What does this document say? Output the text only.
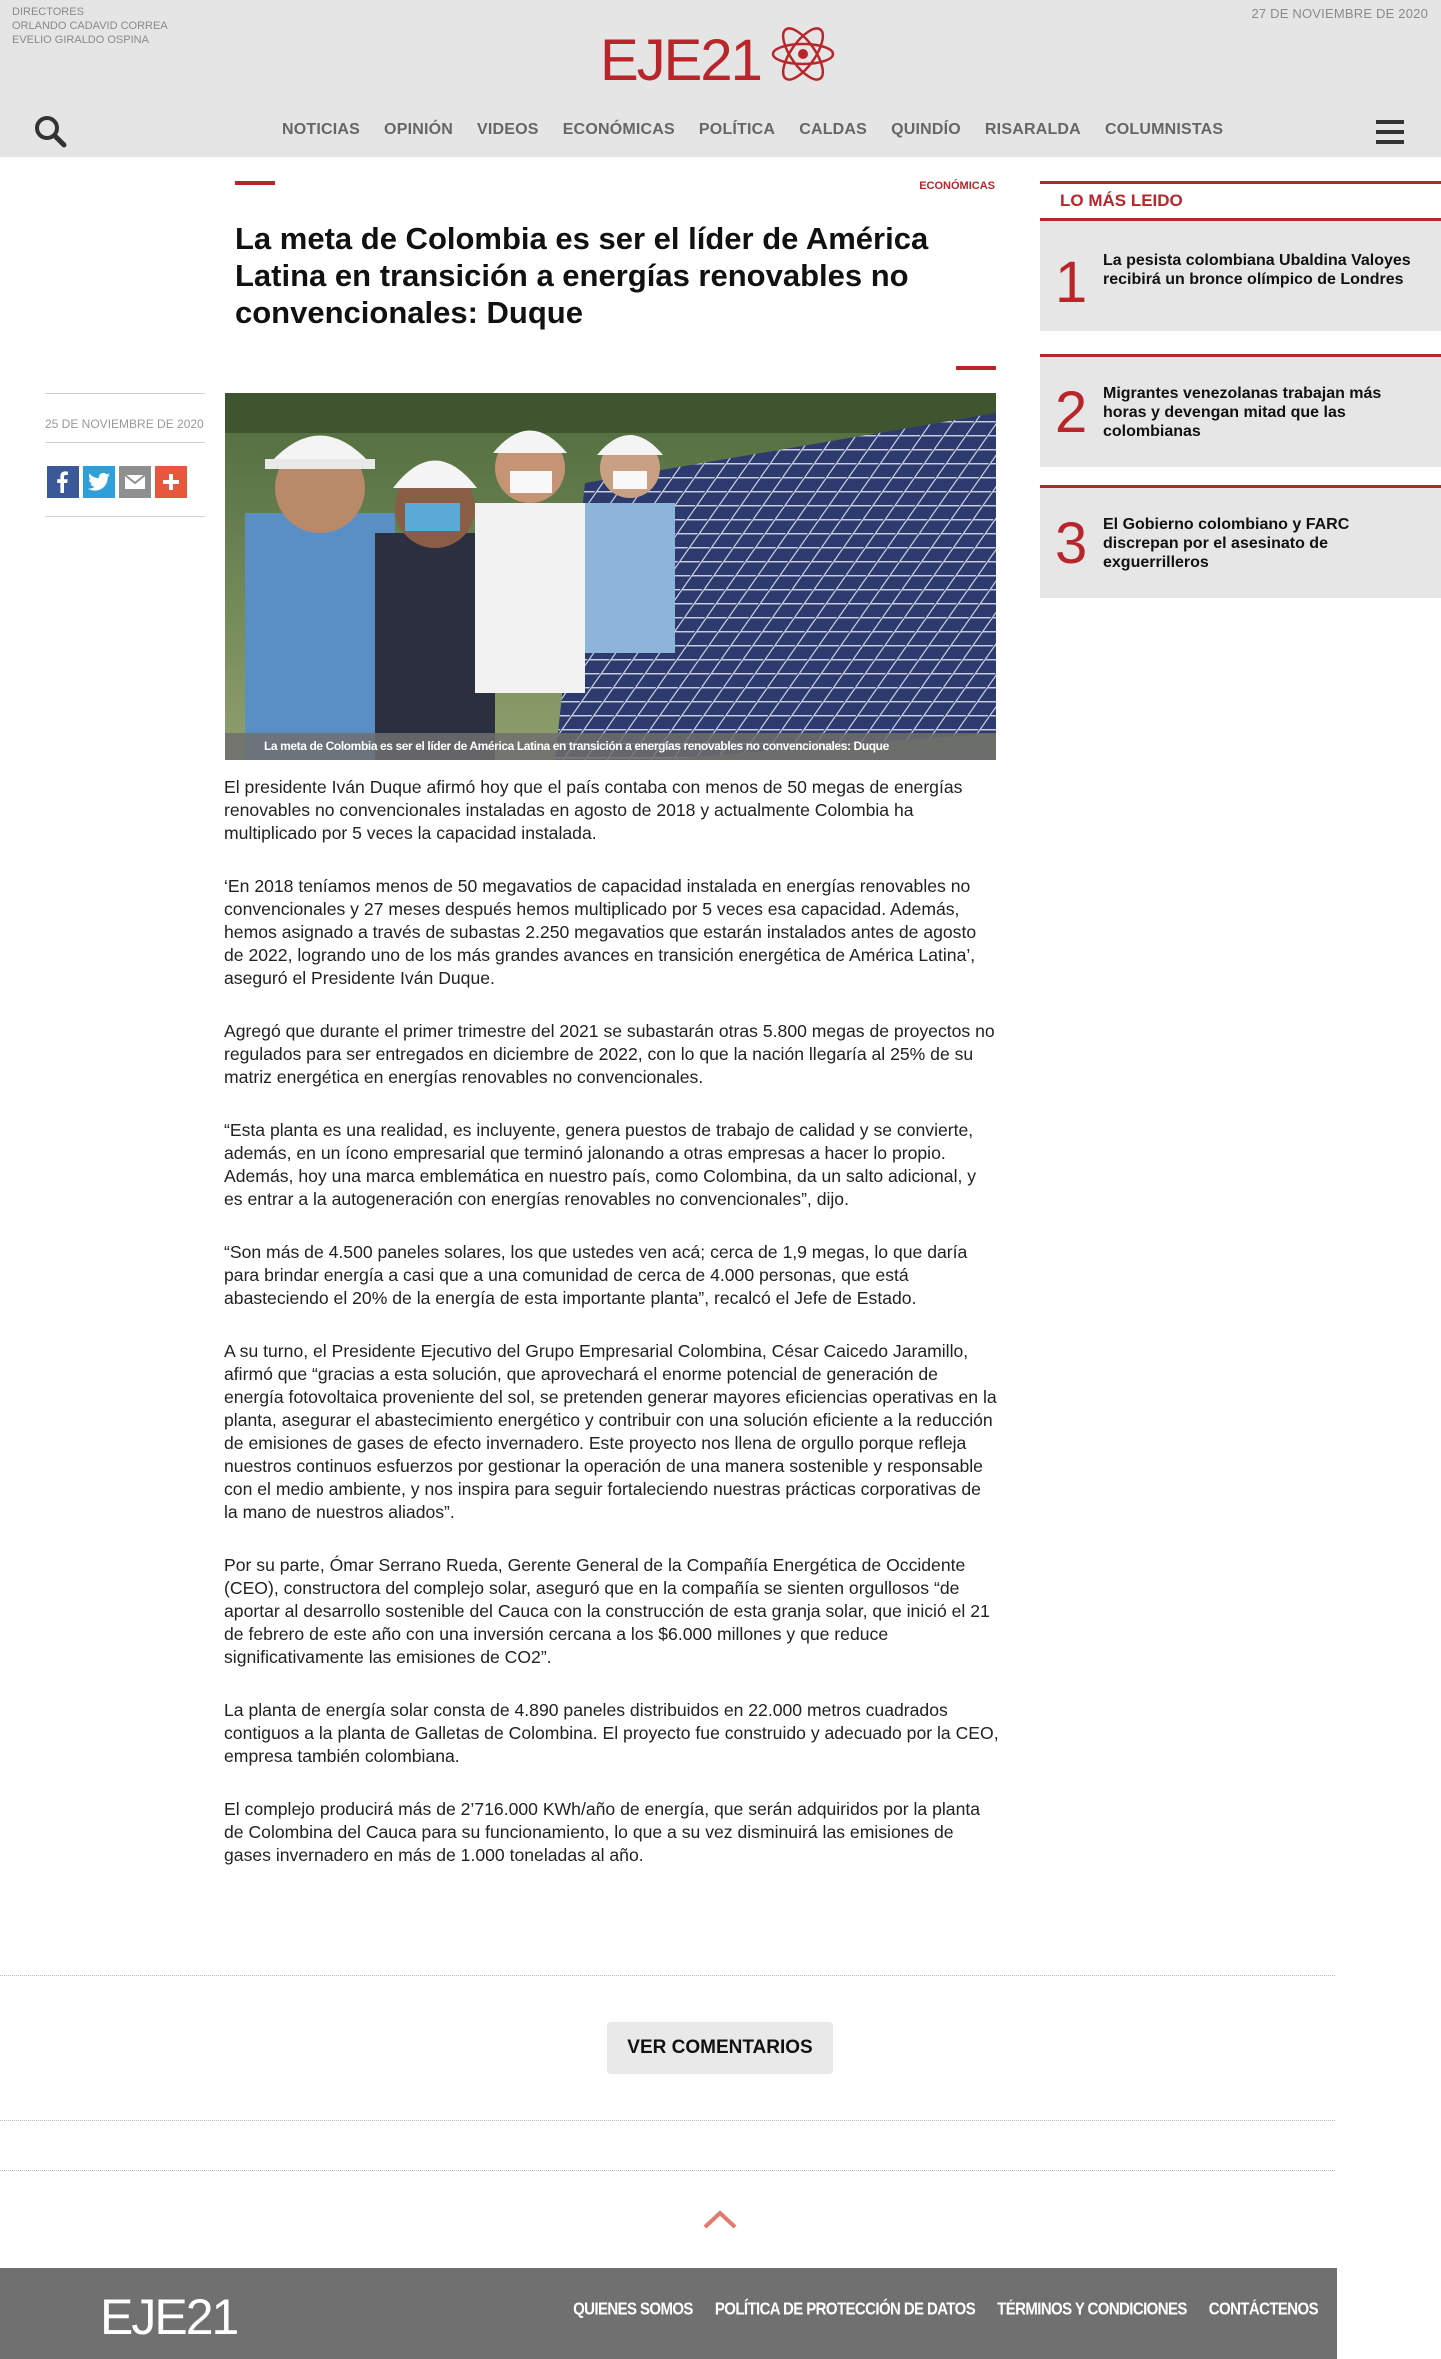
DIRECTORES
ORLANDO CADAVID CORREA
EVELIO GIRALDO OSPINA
27 DE NOVIEMBRE DE 2020
EJE21
NOTICIAS	OPINIÓN	VIDEOS	ECONÓMICAS	POLÍTICA	CALDAS	QUINDÍO	RISARALDA	COLUMNISTAS
ECONÓMICAS
La meta de Colombia es ser el líder de América Latina en transición a energías renovables no convencionales: Duque
25 DE NOVIEMBRE DE 2020
La meta de Colombia es ser el líder de América Latina en transición a energías renovables no convencionales: Duque

El presidente Iván Duque afirmó hoy que el país contaba con menos de 50 megas de energías renovables no convencionales instaladas en agosto de 2018 y actualmente Colombia ha multiplicado por 5 veces la capacidad instalada.

‘En 2018 teníamos menos de 50 megavatios de capacidad instalada en energías renovables no convencionales y 27 meses después hemos multiplicado por 5 veces esa capacidad. Además, hemos asignado a través de subastas 2.250 megavatios que estarán instalados antes de agosto de 2022, logrando uno de los más grandes avances en transición energética de América Latina’, aseguró el Presidente Iván Duque.

Agregó que durante el primer trimestre del 2021 se subastarán otras 5.800 megas de proyectos no regulados para ser entregados en diciembre de 2022, con lo que la nación llegaría al 25% de su matriz energética en energías renovables no convencionales.

“Esta planta es una realidad, es incluyente, genera puestos de trabajo de calidad y se convierte, además, en un ícono empresarial que terminó jalonando a otras empresas a hacer lo propio. Además, hoy una marca emblemática en nuestro país, como Colombina, da un salto adicional, y es entrar a la autogeneración con energías renovables no convencionales”, dijo.

“Son más de 4.500 paneles solares, los que ustedes ven acá; cerca de 1,9 megas, lo que daría para brindar energía a casi que a una comunidad de cerca de 4.000 personas, que está abasteciendo el 20% de la energía de esta importante planta”, recalcó el Jefe de Estado.

A su turno, el Presidente Ejecutivo del Grupo Empresarial Colombina, César Caicedo Jaramillo, afirmó que “gracias a esta solución, que aprovechará el enorme potencial de generación de energía fotovoltaica proveniente del sol, se pretenden generar mayores eficiencias operativas en la planta, asegurar el abastecimiento energético y contribuir con una solución eficiente a la reducción de emisiones de gases de efecto invernadero. Este proyecto nos llena de orgullo porque refleja nuestros continuos esfuerzos por gestionar la operación de una manera sostenible y responsable con el medio ambiente, y nos inspira para seguir fortaleciendo nuestras prácticas corporativas de la mano de nuestros aliados”.

Por su parte, Ómar Serrano Rueda, Gerente General de la Compañía Energética de Occidente (CEO), constructora del complejo solar, aseguró que en la compañía se sienten orgullosos “de aportar al desarrollo sostenible del Cauca con la construcción de esta granja solar, que inició el 21 de febrero de este año con una inversión cercana a los $6.000 millones y que reduce significativamente las emisiones de CO2”.

La planta de energía solar consta de 4.890 paneles distribuidos en 22.000 metros cuadrados contiguos a la planta de Galletas de Colombina. El proyecto fue construido y adecuado por la CEO, empresa también colombiana.

El complejo producirá más de 2’716.000 KWh/año de energía, que serán adquiridos por la planta de Colombina del Cauca para su funcionamiento, lo que a su vez disminuirá las emisiones de gases invernadero en más de 1.000 toneladas al año.

LO MÁS LEIDO
1 La pesista colombiana Ubaldina Valoyes recibirá un bronce olímpico de Londres
2 Migrantes venezolanas trabajan más horas y devengan mitad que las colombianas
3 El Gobierno colombiano y FARC discrepan por el asesinato de exguerrilleros
VER COMENTARIOS
EJE21	QUIENES SOMOS	POLÍTICA DE PROTECCIÓN DE DATOS	TÉRMINOS Y CONDICIONES	CONTÁCTENOS
